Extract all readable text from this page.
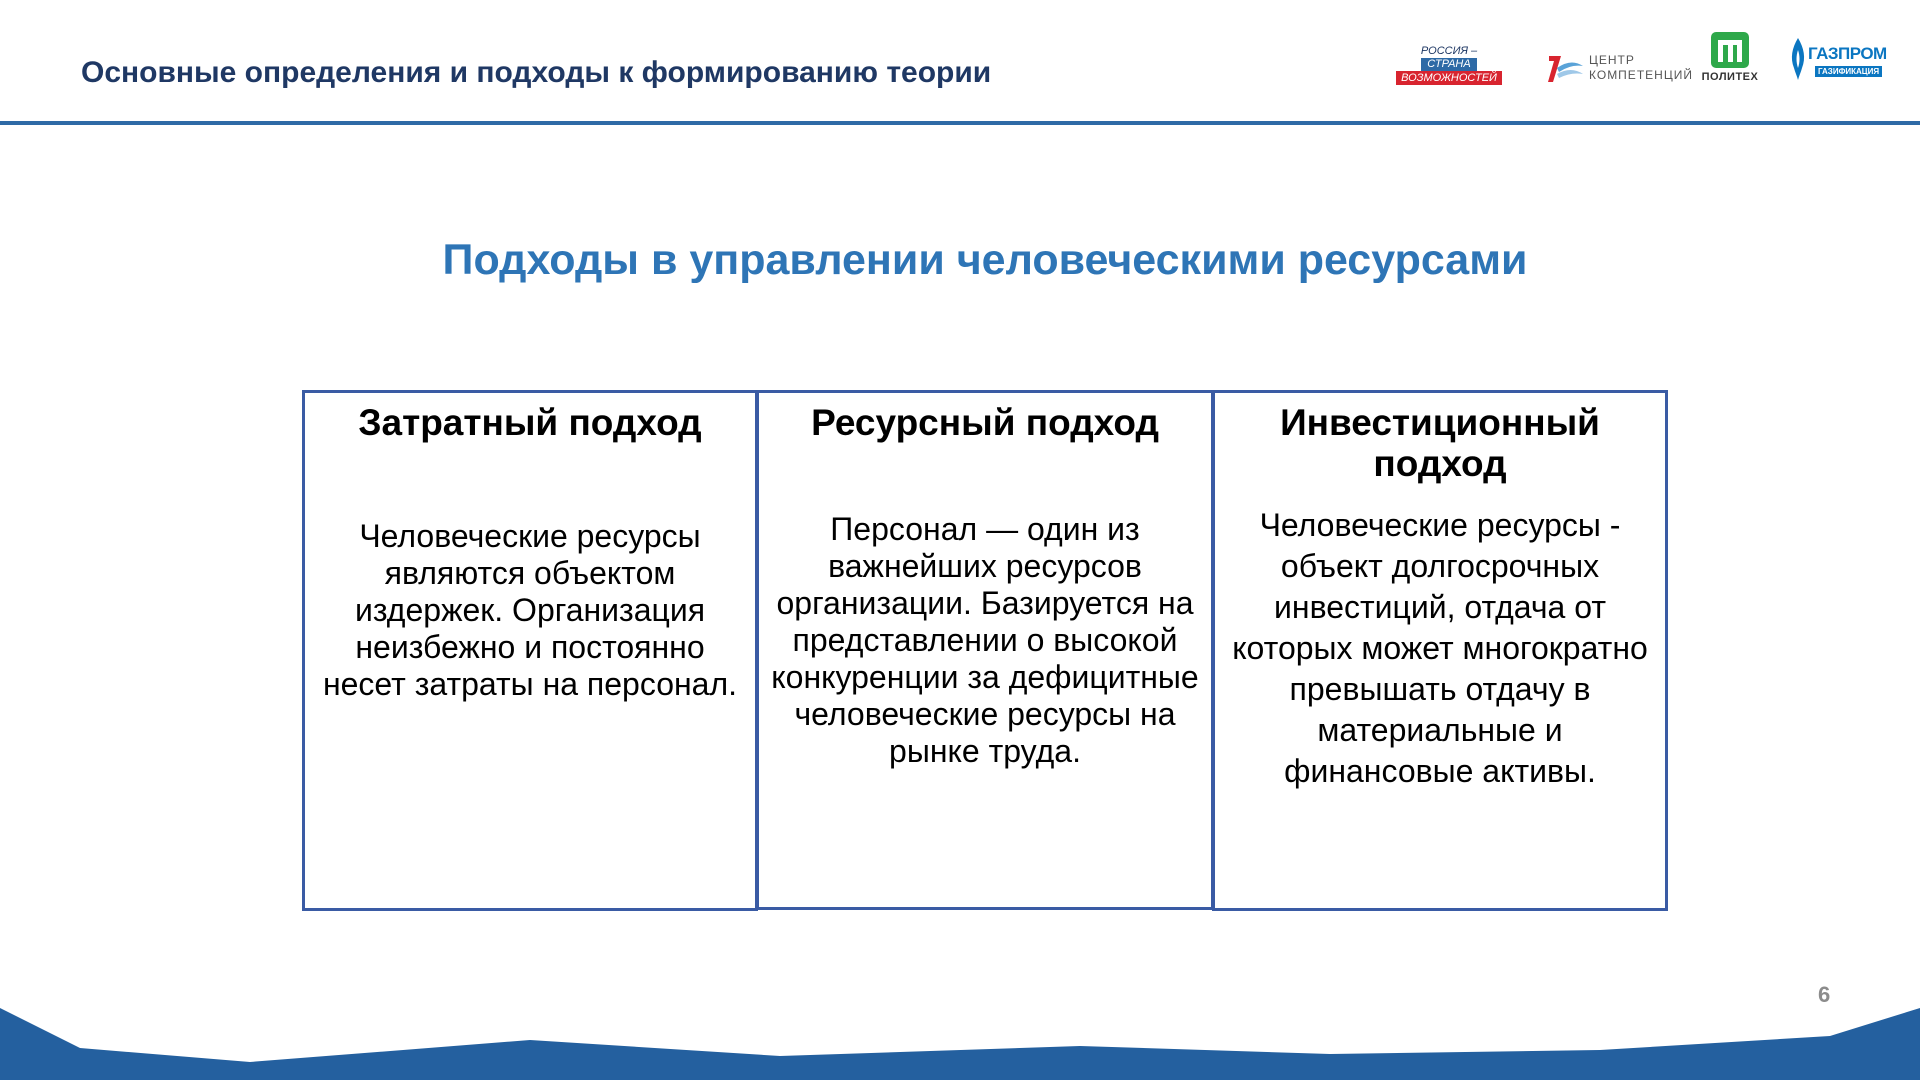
Основные определения и подходы к формированию теории
РОССИЯ –
СТРАНА
ВОЗМОЖНОСТЕЙ
ЦЕНТР
КОМПЕТЕНЦИЙ ПОЛИТЕХ
ГАЗПРОМ
ГАЗИФИКАЦИЯ
Подходы в управлении человеческими ресурсами
Затратный подход

Человеческие ресурсы являются объектом издержек. Организация неизбежно и постоянно несет затраты на персонал.

Ресурсный подход

Персонал — один из важнейших ресурсов организации. Базируется на представлении о высокой конкуренции за дефицитные человеческие ресурсы на рынке труда.

Инвестиционный подход

Человеческие ресурсы - объект долгосрочных инвестиций, отдача от которых может многократно превышать отдачу в материальные и финансовые активы.

6
